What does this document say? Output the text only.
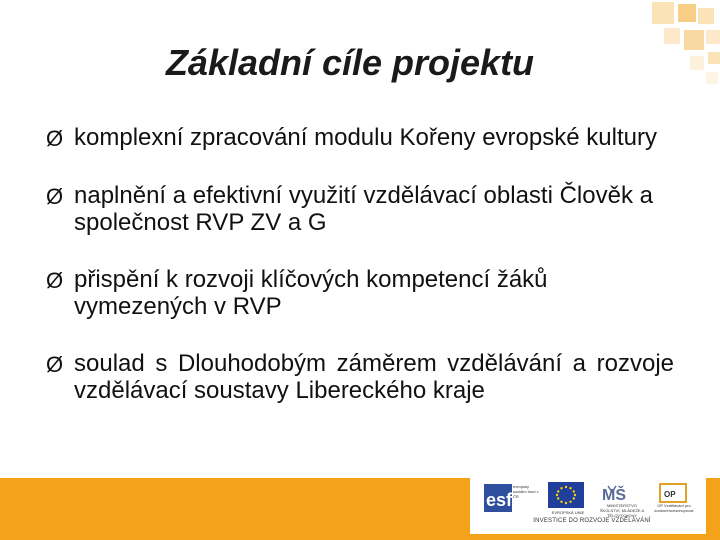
Základní cíle projektu
Ø komplexní zpracování modulu Kořeny evropské kultury
Ø naplnění a efektivní využití vzdělávací oblasti Člověk a společnost RVP ZV a G
Ø přispění k rozvoji klíčových kompetencí žáků vymezených v RVP
Ø soulad s Dlouhodobým záměrem vzdělávání a rozvoje vzdělávací soustavy Libereckého kraje
esf
evropský sociální fond v ČR
EVROPSKÁ UNIE
MŠ
MINISTERSTVO ŠKOLSTVÍ, MLÁDEŽE A TĚLOVÝCHOVY
OP
OP Vzdělávání pro konkurenceschopnost
INVESTICE DO ROZVOJE VZDĚLÁVÁNÍ
